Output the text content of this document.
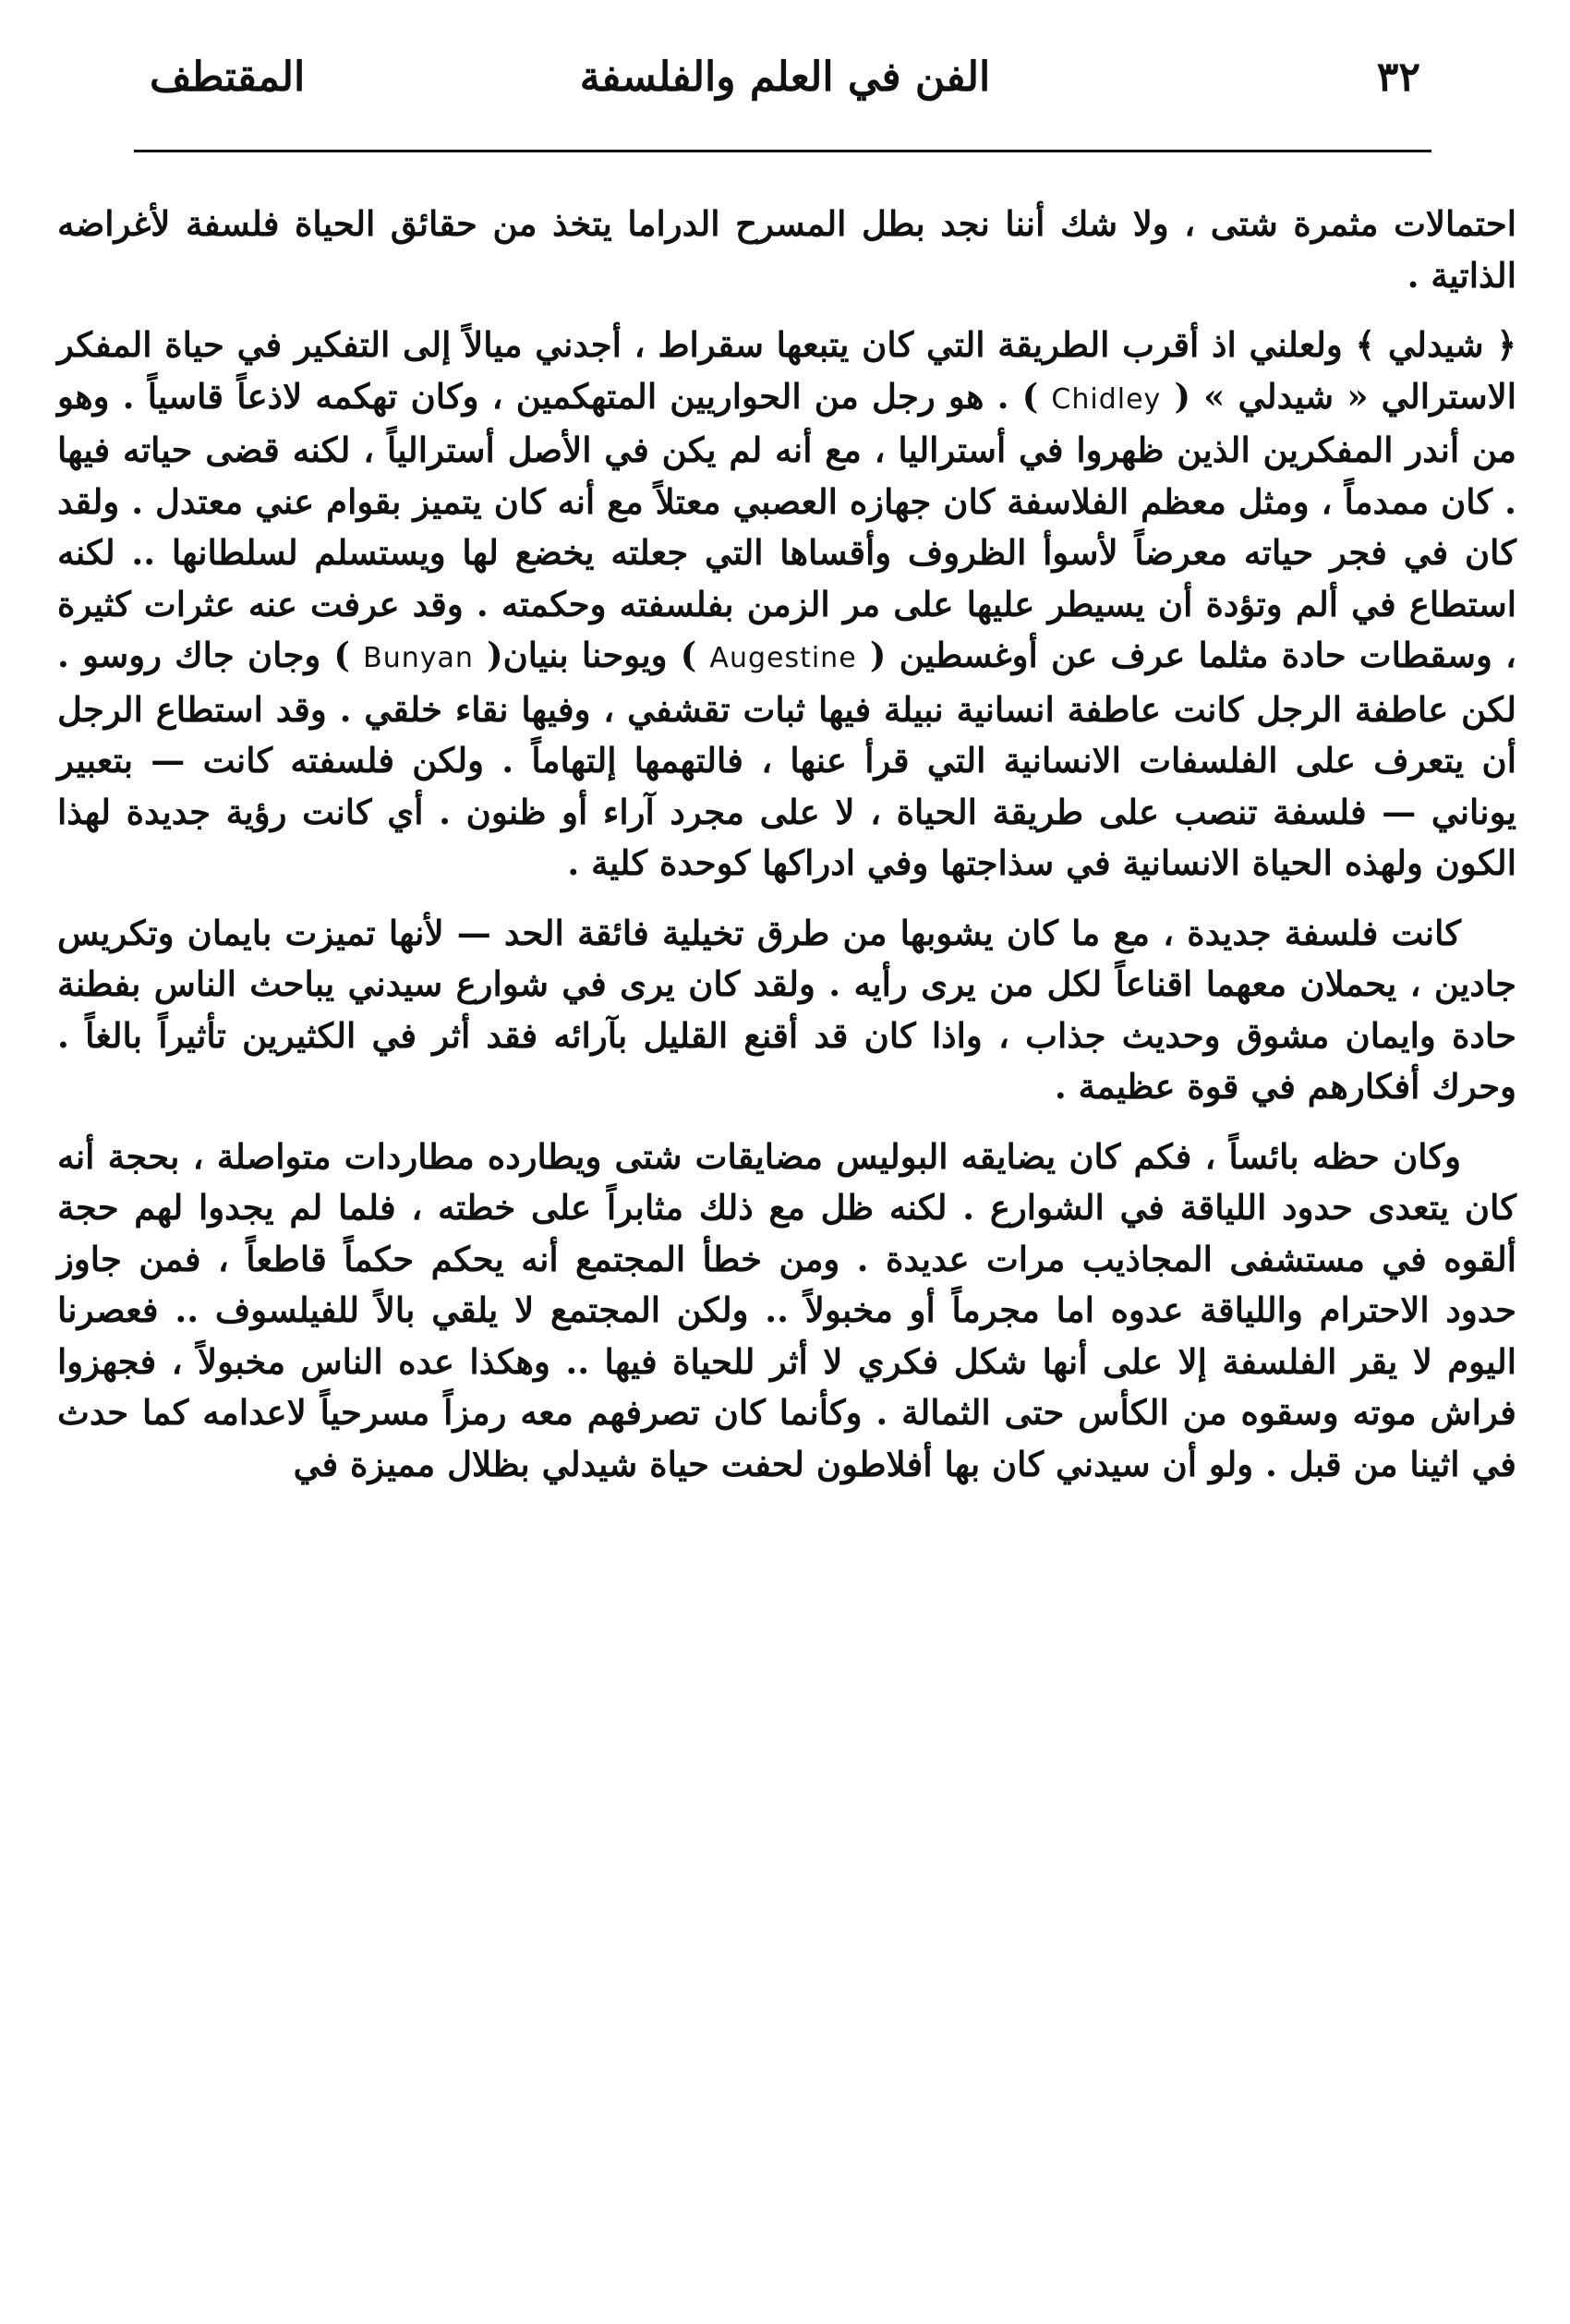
٣٢
الفن في العلم والفلسفة
المقتطف

احتمالات مثمرة شتى ، ولا شك أننا نجد بطل المسرح الدراما يتخذ من حقائق الحياة فلسفة لأغراضه الذاتية .

﴿ شيدلي ﴾ ولعلني اذ أقرب الطريقة التي كان يتبعها سقراط ، أجدني ميالاً إلى التفكير في حياة المفكر الاسترالي « شيدلي » ( Chidley ) . هو رجل من الحواريين المتهكمين ، وكان تهكمه لاذعاً قاسياً . وهو من أندر المفكرين الذين ظهروا في أستراليا ، مع أنه لم يكن في الأصل أسترالياً ، لكنه قضى حياته فيها . كان ممدماً ، ومثل معظم الفلاسفة كان جهازه العصبي معتلاً مع أنه كان يتميز بقوام عني معتدل . ولقد كان في فجر حياته معرضاً لأسوأ الظروف وأقساها التي جعلته يخضع لها ويستسلم لسلطانها .. لكنه استطاع في ألم وتؤدة أن يسيطر عليها على مر الزمن بفلسفته وحكمته . وقد عرفت عنه عثرات كثيرة ، وسقطات حادة مثلما عرف عن أوغسطين ( Augestine ) ويوحنا بنيان( Bunyan ) وجان جاك روسو . لكن عاطفة الرجل كانت عاطفة انسانية نبيلة فيها ثبات تقشفي ، وفيها نقاء خلقي . وقد استطاع الرجل أن يتعرف على الفلسفات الانسانية التي قرأ عنها ، فالتهمها إلتهاماً . ولكن فلسفته كانت — بتعبير يوناني — فلسفة تنصب على طريقة الحياة ، لا على مجرد آراء أو ظنون . أي كانت رؤية جديدة لهذا الكون ولهذه الحياة الانسانية في سذاجتها وفي ادراكها كوحدة كلية .

كانت فلسفة جديدة ، مع ما كان يشوبها من طرق تخيلية فائقة الحد — لأنها تميزت بايمان وتكريس جادين ، يحملان معهما اقناعاً لكل من يرى رأيه . ولقد كان يرى في شوارع سيدني يباحث الناس بفطنة حادة وايمان مشوق وحديث جذاب ، واذا كان قد أقنع القليل بآرائه فقد أثر في الكثيرين تأثيراً بالغاً . وحرك أفكارهم في قوة عظيمة .

وكان حظه بائساً ، فكم كان يضايقه البوليس مضايقات شتى ويطارده مطاردات متواصلة ، بحجة أنه كان يتعدى حدود اللياقة في الشوارع . لكنه ظل مع ذلك مثابراً على خطته ، فلما لم يجدوا لهم حجة ألقوه في مستشفى المجاذيب مرات عديدة . ومن خطأ المجتمع أنه يحكم حكماً قاطعاً ، فمن جاوز حدود الاحترام واللياقة عدوه اما مجرماً أو مخبولاً .. ولكن المجتمع لا يلقي بالاً للفيلسوف .. فعصرنا اليوم لا يقر الفلسفة إلا على أنها شكل فكري لا أثر للحياة فيها .. وهكذا عده الناس مخبولاً ، فجهزوا فراش موته وسقوه من الكأس حتى الثمالة . وكأنما كان تصرفهم معه رمزاً مسرحياً لاعدامه كما حدث في اثينا من قبل . ولو أن سيدني كان بها أفلاطون لحفت حياة شيدلي بظلال مميزة في
